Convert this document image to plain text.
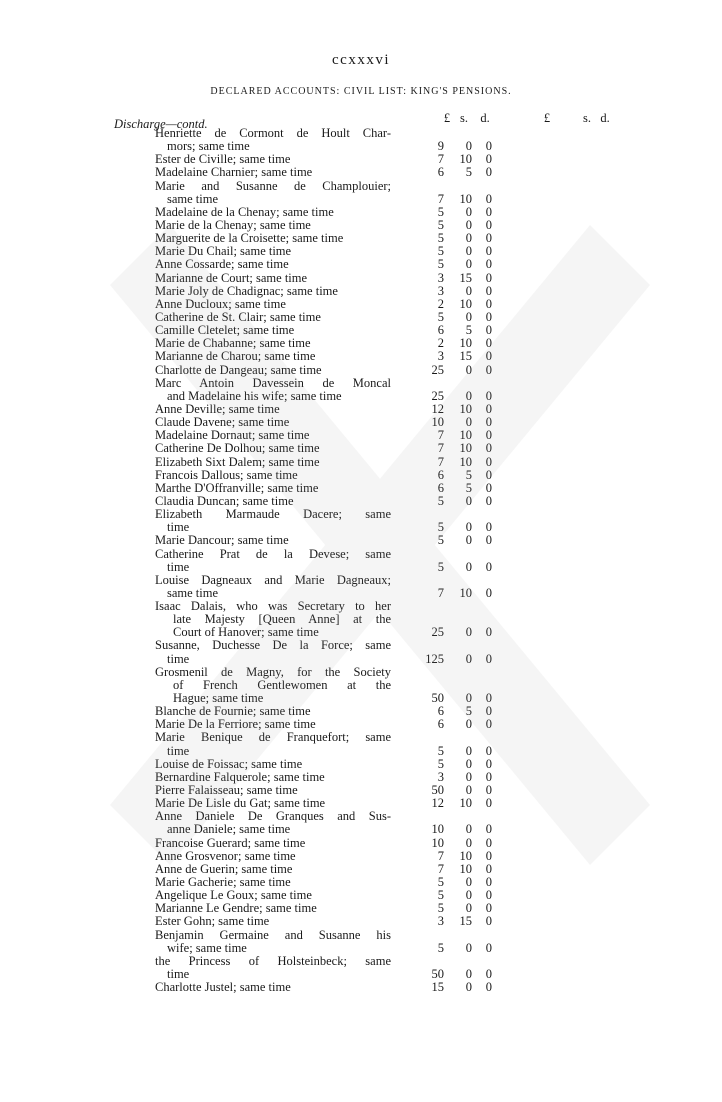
ccxxxvi
DECLARED ACCOUNTS: CIVIL LIST: KING'S PENSIONS.
£ s. d.	£	s. d.
Discharge—contd.
Henriette de Cormont de Hoult Char-
mors; same time	9	0	0
Ester de Civille; same time	7	10	0
Madelaine Charnier; same time	6	5	0
Marie and Susanne de Champlouier;
same time	7	10	0
Madelaine de la Chenay; same time	5	0	0
Marie de la Chenay; same time	5	0	0
Marguerite de la Croisette; same time	5	0	0
Marie Du Chail; same time	5	0	0
Anne Cossarde; same time	5	0	0
Marianne de Court; same time	3	15	0
Marie Joly de Chadignac; same time	3	0	0
Anne Ducloux; same time	2	10	0
Catherine de St. Clair; same time	5	0	0
Camille Cletelet; same time	6	5	0
Marie de Chabanne; same time	2	10	0
Marianne de Charou; same time	3	15	0
Charlotte de Dangeau; same time	25	0	0
Marc Antoin Davessein de Moncal
and Madelaine his wife; same time	25	0	0
Anne Deville; same time	12	10	0
Claude Davene; same time	10	0	0
Madelaine Dornaut; same time	7	10	0
Catherine De Dolhou; same time	7	10	0
Elizabeth Sixt Dalem; same time	7	10	0
Francois Dallous; same time	6	5	0
Marthe D'Offranville; same time	6	5	0
Claudia Duncan; same time	5	0	0
Elizabeth Marmaude Dacere; same
time	5	0	0
Marie Dancour; same time	5	0	0
Catherine Prat de la Devese; same
time	5	0	0
Louise Dagneaux and Marie Dagneaux;
same time	7	10	0
Isaac Dalais, who was Secretary to her
late Majesty [Queen Anne] at the
Court of Hanover; same time	25	0	0
Susanne, Duchesse De la Force; same
time	125	0	0
Grosmenil de Magny, for the Society
of French Gentlewomen at the
Hague; same time	50	0	0
Blanche de Fournie; same time	6	5	0
Marie De la Ferriore; same time	6	0	0
Marie Benique de Franquefort; same
time	5	0	0
Louise de Foissac; same time	5	0	0
Bernardine Falquerole; same time	3	0	0
Pierre Falaisseau; same time	50	0	0
Marie De Lisle du Gat; same time	12	10	0
Anne Daniele De Granques and Sus-
anne Daniele; same time	10	0	0
Francoise Guerard; same time	10	0	0
Anne Grosvenor; same time	7	10	0
Anne de Guerin; same time	7	10	0
Marie Gacherie; same time	5	0	0
Angelique Le Goux; same time	5	0	0
Marianne Le Gendre; same time	5	0	0
Ester Gohn; same time	3	15	0
Benjamin Germaine and Susanne his
wife; same time	5	0	0
the Princess of Holsteinbeck; same
time	50	0	0
Charlotte Justel; same time	15	0	0
